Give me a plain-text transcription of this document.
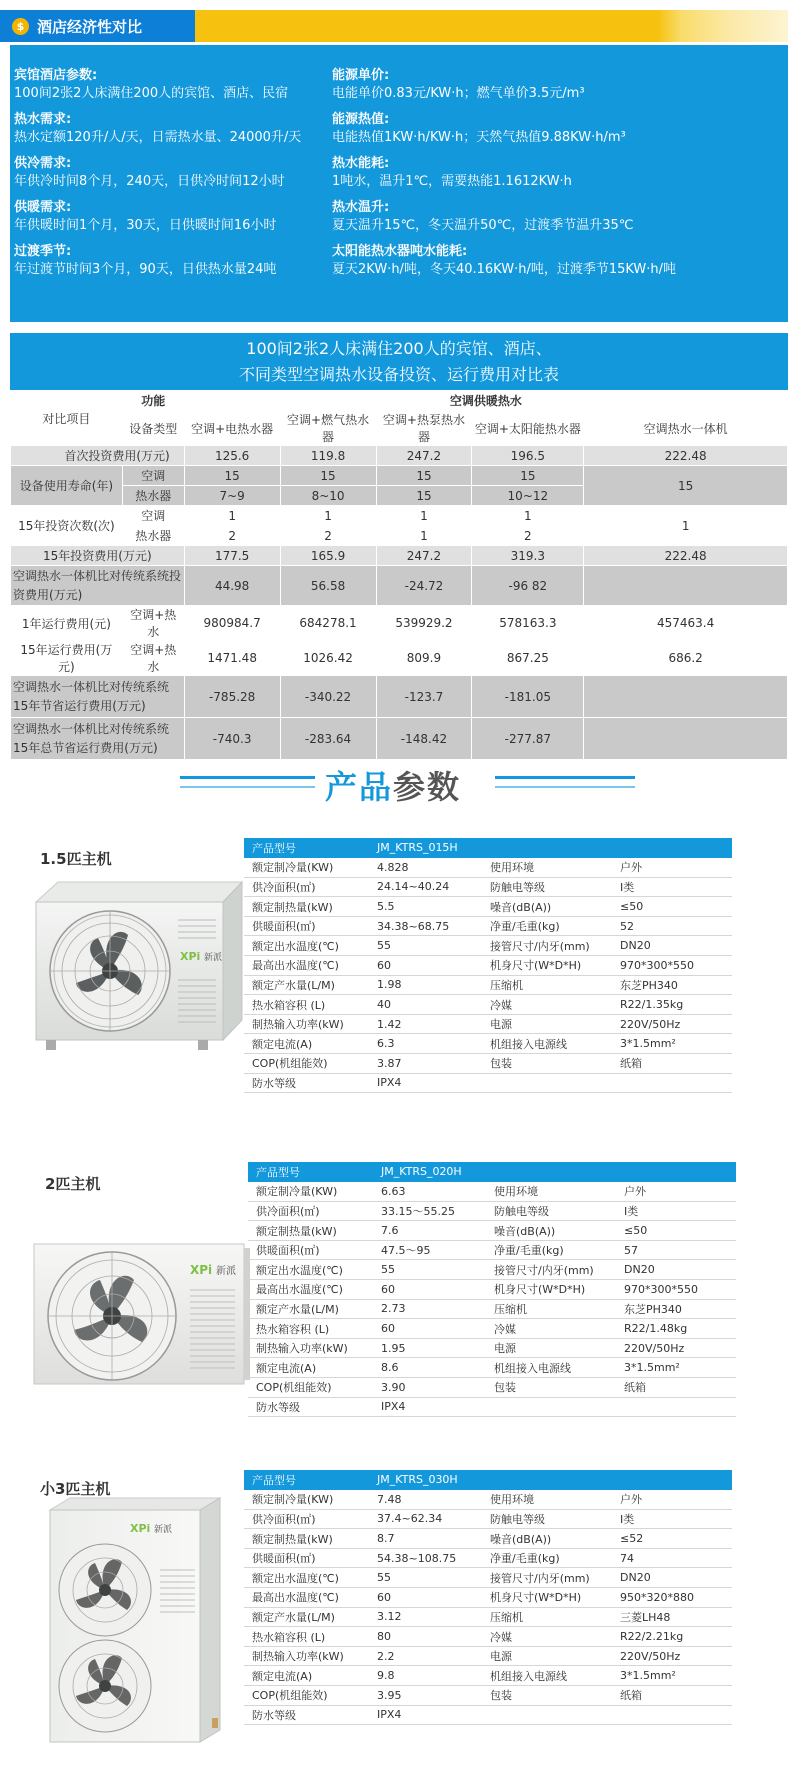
$ 酒店经济性对比
宾馆酒店参数:
100间2张2人床满住200人的宾馆、酒店、民宿
热水需求:
热水定额120升/人/天，日需热水量、24000升/天
供冷需求:
年供冷时间8个月，240天，日供冷时间12小时
供暖需求:
年供暖时间1个月，30天，日供暖时间16小时
过渡季节:
年过渡节时间3个月，90天，日供热水量24吨
能源单价:
电能单价0.83元/KW·h；燃气单价3.5元/m³
能源热值:
电能热值1KW·h/KW·h；天然气热值9.88KW·h/m³
热水能耗:
1吨水，温升1℃，需要热能1.1612KW·h
热水温升:
夏天温升15℃，冬天温升50℃，过渡季节温升35℃
太阳能热水器吨水能耗:
夏天2KW·h/吨，冬天40.16KW·h/吨，过渡季节15KW·h/吨
100间2张2人床满住200人的宾馆、酒店、
不同类型空调热水设备投资、运行费用对比表
对比项目	功能	空调供暖热水				
	设备类型	空调+电热水器	空调+燃气热水器	空调+热泵热水器	空调+太阳能热水器	空调热水一体机
首次投资费用(万元)		125.6	119.8	247.2	196.5	222.48
设备使用寿命(年)	空调	15	15	15	15	15
	热水器	7~9	8~10	15	10~12	
15年投资次数(次)	空调	1	1	1	1	1
	热水器	2	2	1	2	
15年投资费用(万元)		177.5	165.9	247.2	319.3	222.48
空调热水一体机比对传统系统投资费用(万元)		44.98	56.58	-24.72	-96 82	
1年运行费用(元)	空调+热水	980984.7	684278.1	539929.2	578163.3	457463.4
15年运行费用(万元)	空调+热水	1471.48	1026.42	809.9	867.25	686.2
空调热水一体机比对传统系统15年节省运行费用(万元)		-785.28	-340.22	-123.7	-181.05	
空调热水一体机比对传统系统15年总节省运行费用(万元)		-740.3	-283.64	-148.42	-277.87	
产品参数
1.5匹主机
XPi 新派
产品型号	JM_KTRS_015H		
额定制冷量(KW)	4.828	使用环境	户外
供冷面积(㎡)	24.14~40.24	防触电等级	I类
额定制热量(kW)	5.5	噪音(dB(A))	≤50
供暖面积(㎡)	34.38~68.75	净重/毛重(kg)	52
额定出水温度(℃)	55	接管尺寸/内牙(mm)	DN20
最高出水温度(℃)	60	机身尺寸(W*D*H)	970*300*550
额定产水量(L/M)	1.98	压缩机	东芝PH340
热水箱容积 (L)	40	冷媒	R22/1.35kg
制热输入功率(kW)	1.42	电源	220V/50Hz
额定电流(A)	6.3	机组接入电源线	3*1.5mm²
COP(机组能效)	3.87	包装	纸箱
防水等级	IPX4		
2匹主机
XPi 新派
产品型号	JM_KTRS_020H		
额定制冷量(KW)	6.63	使用环境	户外
供冷面积(㎡)	33.15～55.25	防触电等级	I类
额定制热量(kW)	7.6	噪音(dB(A))	≤50
供暖面积(㎡)	47.5～95	净重/毛重(kg)	57
额定出水温度(℃)	55	接管尺寸/内牙(mm)	DN20
最高出水温度(℃)	60	机身尺寸(W*D*H)	970*300*550
额定产水量(L/M)	2.73	压缩机	东芝PH340
热水箱容积 (L)	60	冷媒	R22/1.48kg
制热输入功率(kW)	1.95	电源	220V/50Hz
额定电流(A)	8.6	机组接入电源线	3*1.5mm²
COP(机组能效)	3.90	包装	纸箱
防水等级	IPX4		
小3匹主机
XPi 新派
产品型号	JM_KTRS_030H		
额定制冷量(KW)	7.48	使用环境	户外
供冷面积(㎡)	37.4~62.34	防触电等级	I类
额定制热量(kW)	8.7	噪音(dB(A))	≤52
供暖面积(㎡)	54.38~108.75	净重/毛重(kg)	74
额定出水温度(℃)	55	接管尺寸/内牙(mm)	DN20
最高出水温度(℃)	60	机身尺寸(W*D*H)	950*320*880
额定产水量(L/M)	3.12	压缩机	三菱LH48
热水箱容积 (L)	80	冷媒	R22/2.21kg
制热输入功率(kW)	2.2	电源	220V/50Hz
额定电流(A)	9.8	机组接入电源线	3*1.5mm²
COP(机组能效)	3.95	包装	纸箱
防水等级	IPX4		
